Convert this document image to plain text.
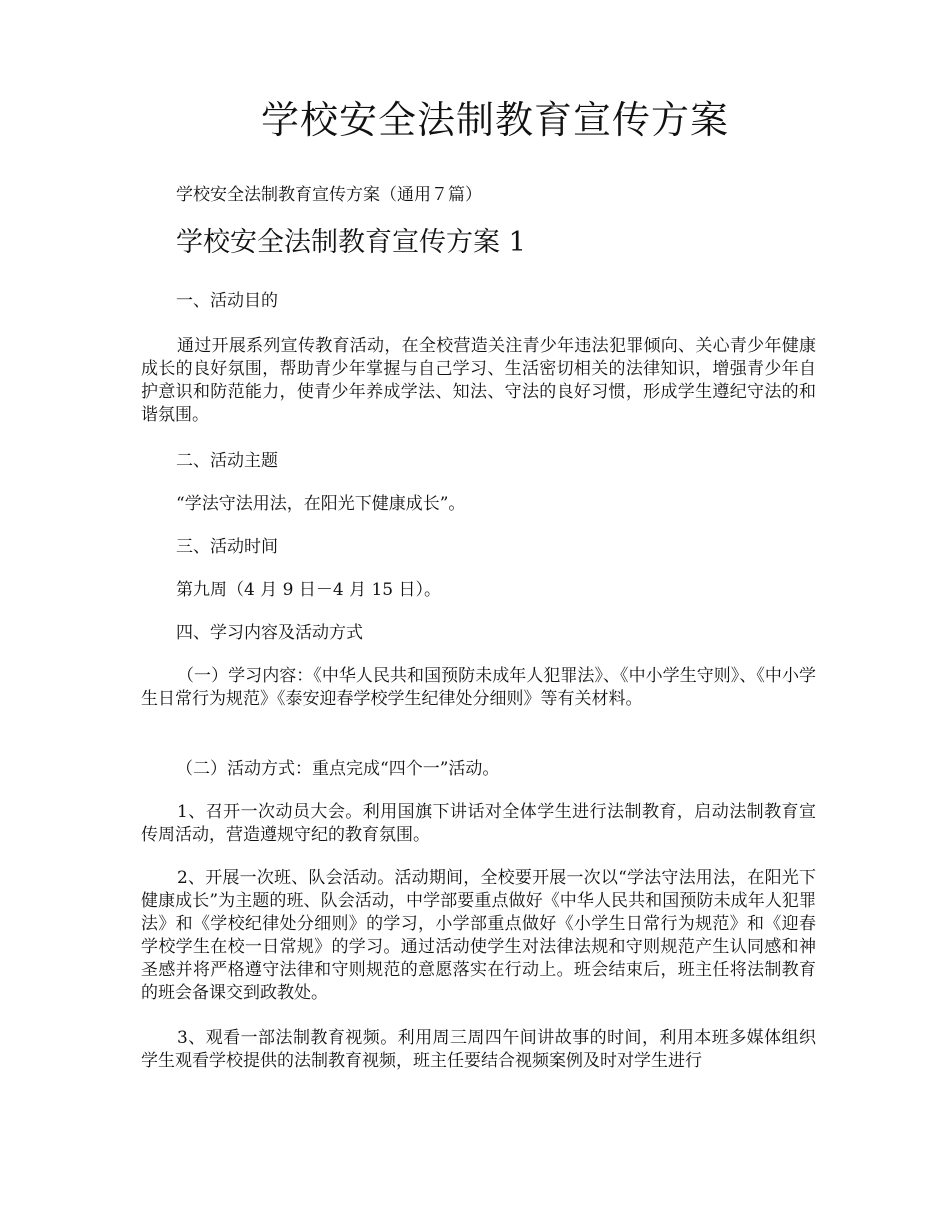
学校安全法制教育宣传方案

学校安全法制教育宣传方案（通用７篇）

学校安全法制教育宣传方案 1

一、活动目的

通过开展系列宣传教育活动，在全校营造关注青少年违法犯罪倾向、关心青少年健康成长的良好氛围，帮助青少年掌握与自己学习、生活密切相关的法律知识，增强青少年自护意识和防范能力，使青少年养成学法、知法、守法的良好习惯，形成学生遵纪守法的和谐氛围。

二、活动主题

“学法守法用法，在阳光下健康成长”。

三、活动时间

第九周（4 月 9 日－4 月 15 日）。

四、学习内容及活动方式

（一）学习内容：《中华人民共和国预防未成年人犯罪法》、《中小学生守则》、《中小学生日常行为规范》《泰安迎春学校学生纪律处分细则》等有关材料。

（二）活动方式：重点完成“四个一”活动。

1、召开一次动员大会。利用国旗下讲话对全体学生进行法制教育，启动法制教育宣传周活动，营造遵规守纪的教育氛围。

2、开展一次班、队会活动。活动期间，全校要开展一次以“学法守法用法，在阳光下健康成长”为主题的班、队会活动，中学部要重点做好《中华人民共和国预防未成年人犯罪法》和《学校纪律处分细则》的学习，小学部重点做好《小学生日常行为规范》和《迎春学校学生在校一日常规》的学习。通过活动使学生对法律法规和守则规范产生认同感和神圣感并将严格遵守法律和守则规范的意愿落实在行动上。班会结束后，班主任将法制教育的班会备课交到政教处。

3、观看一部法制教育视频。利用周三周四午间讲故事的时间，利用本班多媒体组织学生观看学校提供的法制教育视频，班主任要结合视频案例及时对学生进行
